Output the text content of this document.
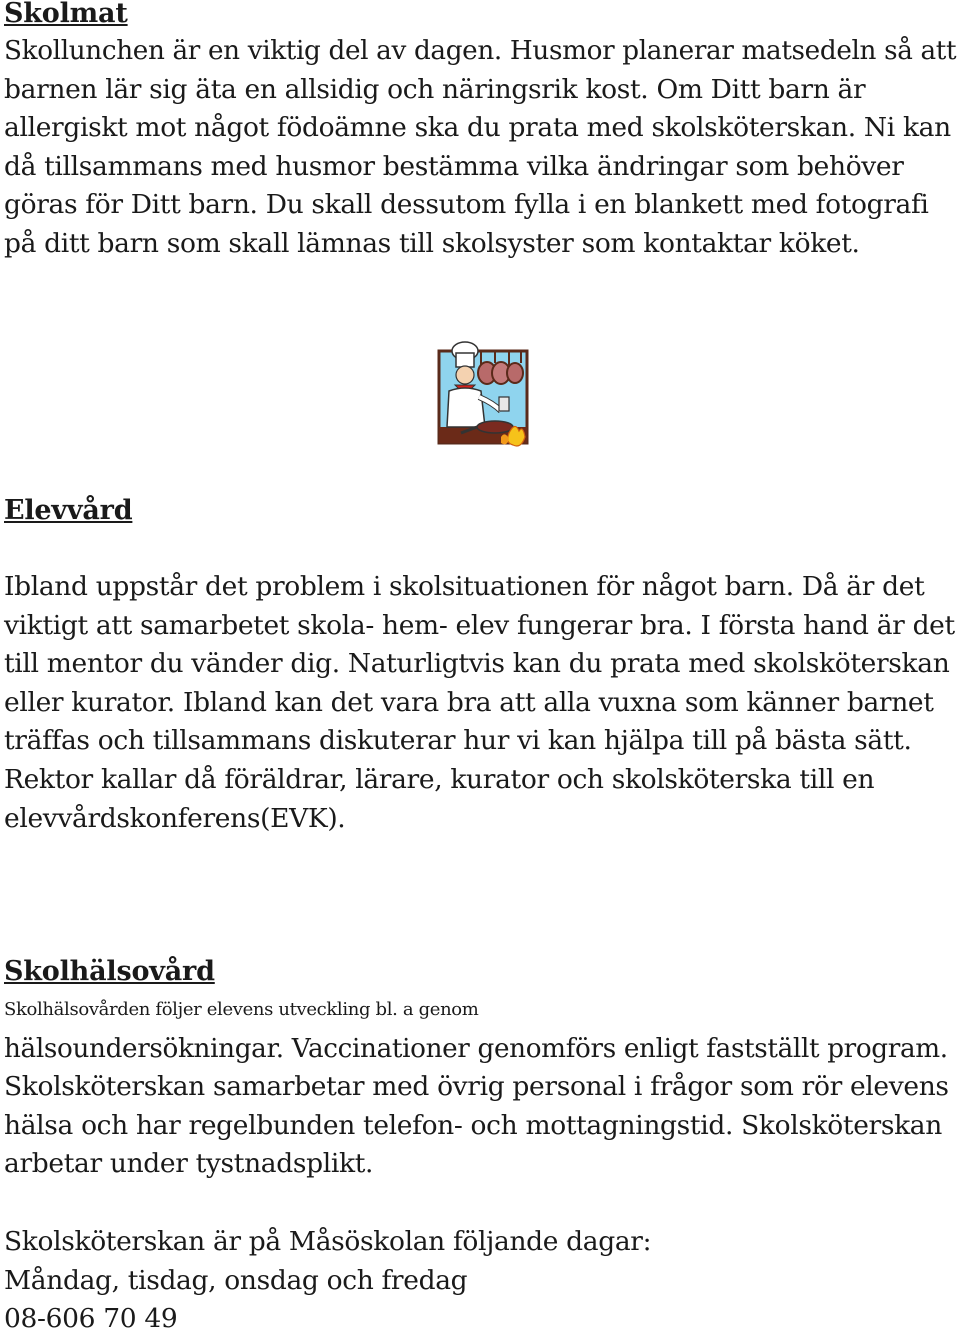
Skolmat
Skollunchen är en viktig del av dagen. Husmor planerar matsedeln så att
barnen lär sig äta en allsidig och näringsrik kost. Om Ditt barn är
allergiskt mot något födoämne ska du prata med skolsköterskan. Ni kan
då tillsammans med husmor bestämma vilka ändringar som behöver
göras för Ditt barn. Du skall dessutom fylla i en blankett med fotografi
på ditt barn som skall lämnas till skolsyster som kontaktar köket.
Elevvård
Ibland uppstår det problem i skolsituationen för något barn. Då är det
viktigt att samarbetet skola- hem- elev fungerar bra. I första hand är det
till mentor du vänder dig. Naturligtvis kan du prata med skolsköterskan
eller kurator. Ibland kan det vara bra att alla vuxna som känner barnet
träffas och tillsammans diskuterar hur vi kan hjälpa till på bästa sätt.
Rektor kallar då föräldrar, lärare, kurator och skolsköterska till en
elevvårdskonferens(EVK).
Skolhälsovård
Skolhälsovården följer elevens utveckling bl. a genom
hälsoundersökningar. Vaccinationer genomförs enligt fastställt program.
Skolsköterskan samarbetar med övrig personal i frågor som rör elevens
hälsa och har regelbunden telefon- och mottagningstid. Skolsköterskan
arbetar under tystnadsplikt.
Skolsköterskan är på Måsöskolan följande dagar:
Måndag, tisdag, onsdag och fredag
08-606 70 49
